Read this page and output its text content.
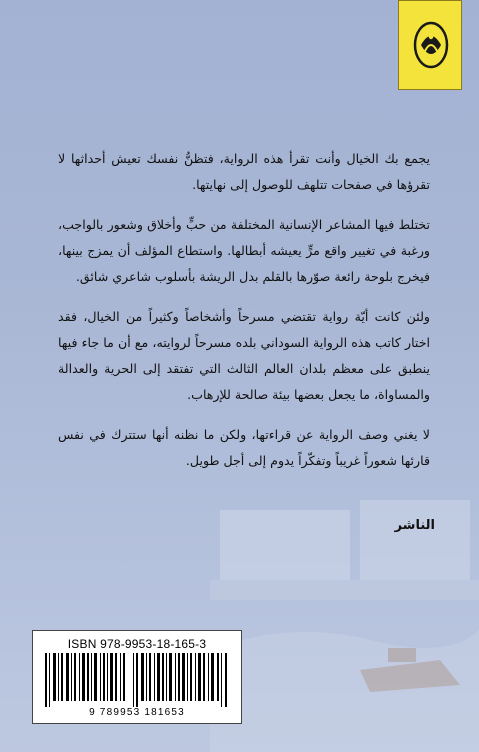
يجمع بك الخيال وأنت تقرأ هذه الرواية، فتظنُّ نفسك تعيش أحداثها لا تقرؤها في صفحات تتلهف للوصول إلى نهايتها.

تختلط فيها المشاعر الإنسانية المختلفة من حبٍّ وأخلاق وشعور بالواجب، ورغبة في تغيير واقع مرٍّ يعيشه أبطالها. واستطاع المؤلف أن يمزج بينها، فيخرج بلوحة رائعة صوّرها بالقلم بدل الريشة بأسلوب شاعري شائق.

ولئن كانت أيّة رواية تقتضي مسرحاً وأشخاصاً وكثيراً من الخيال، فقد اختار كاتب هذه الرواية السوداني بلده مسرحاً لروايته، مع أن ما جاء فيها ينطبق على معظم بلدان العالم الثالث التي تفتقد إلى الحرية والعدالة والمساواة، ما يجعل بعضها بيئة صالحة للإرهاب.

لا يغني وصف الرواية عن قراءتها، ولكن ما نظنه أنها ستترك في نفس قارئها شعوراً غريباً وتفكّراً يدوم إلى أجل طويل.

الناشر
ISBN 978-9953-18-165-3
9 789953 181653
